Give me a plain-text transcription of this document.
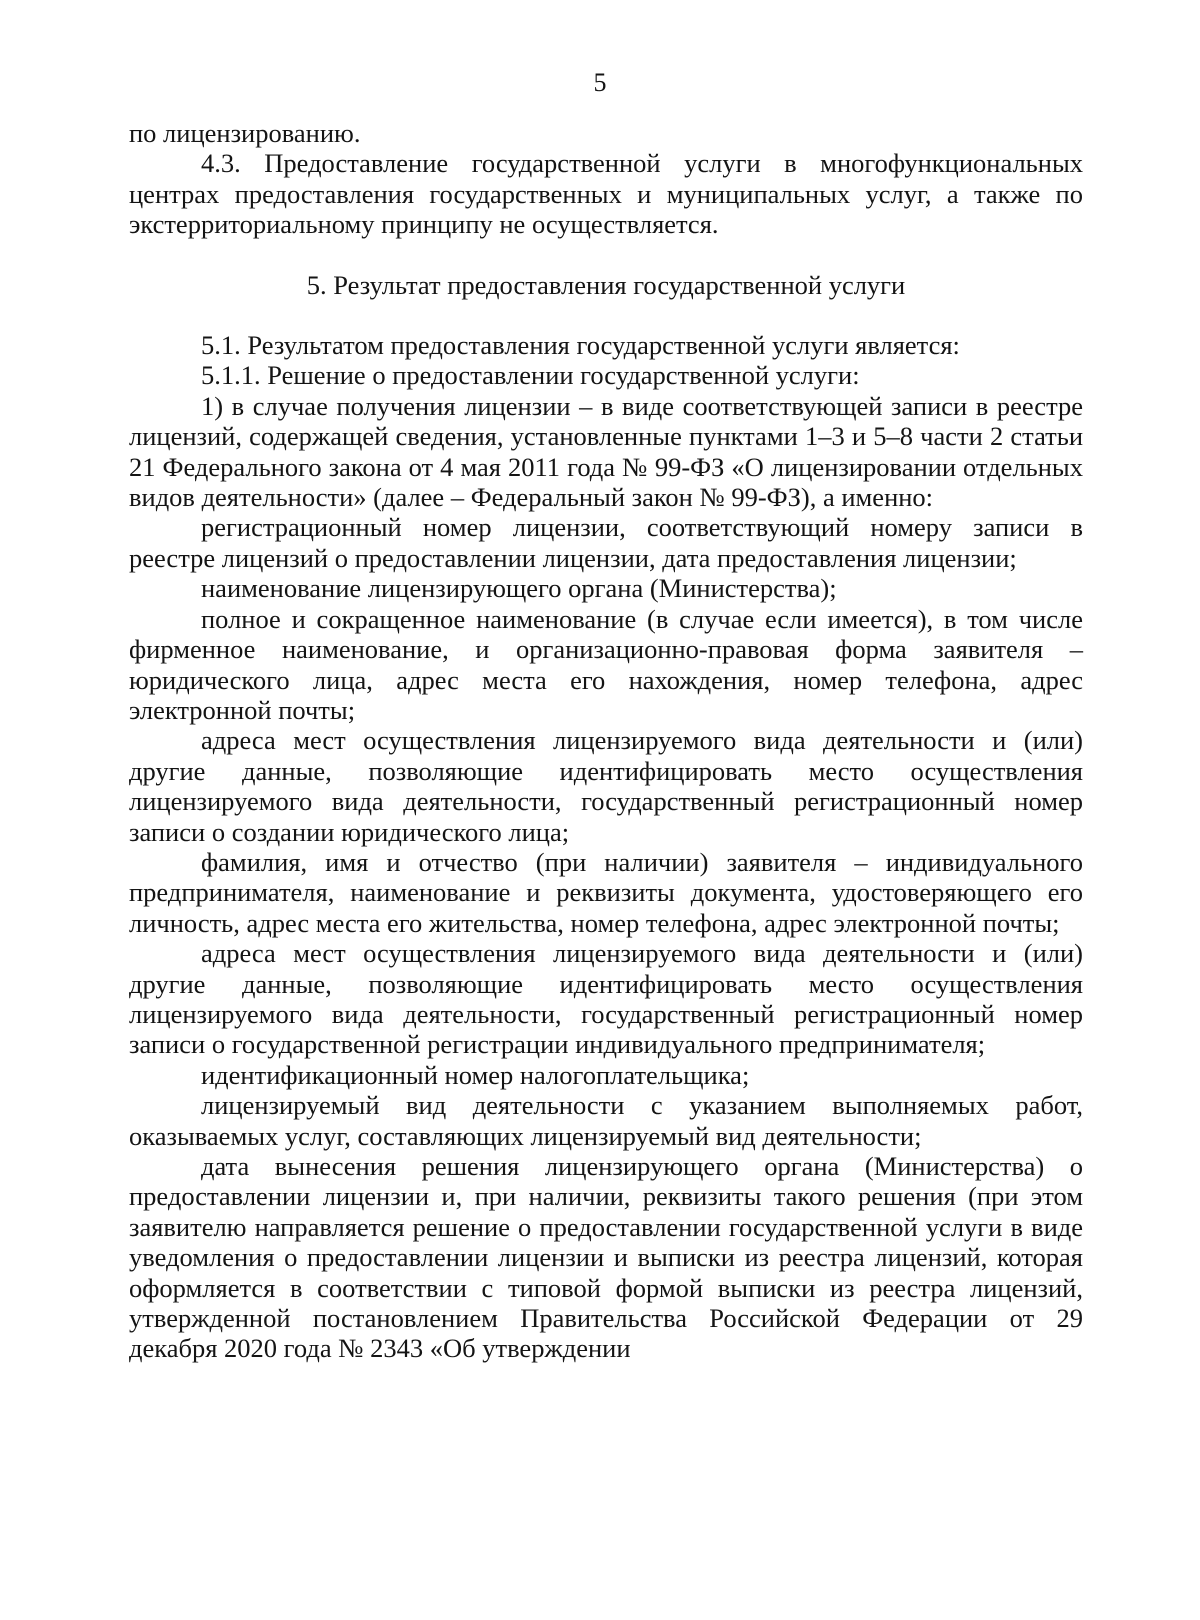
5

по лицензированию.

4.3. Предоставление государственной услуги в многофункциональных центрах предоставления государственных и муниципальных услуг, а также по экстерриториальному принципу не осуществляется.

5. Результат предоставления государственной услуги

5.1. Результатом предоставления государственной услуги является:

5.1.1. Решение о предоставлении государственной услуги:

1) в случае получения лицензии – в виде соответствующей записи в реестре лицензий, содержащей сведения, установленные пунктами 1–3 и 5–8 части 2 статьи 21 Федерального закона от 4 мая 2011 года № 99-ФЗ «О лицензировании отдельных видов деятельности» (далее – Федеральный закон № 99-ФЗ), а именно:

регистрационный номер лицензии, соответствующий номеру записи в реестре лицензий о предоставлении лицензии, дата предоставления лицензии;

наименование лицензирующего органа (Министерства);

полное и сокращенное наименование (в случае если имеется), в том числе фирменное наименование, и организационно-правовая форма заявителя – юридического лица, адрес места его нахождения, номер телефона, адрес электронной почты;

адреса мест осуществления лицензируемого вида деятельности и (или) другие данные, позволяющие идентифицировать место осуществления лицензируемого вида деятельности, государственный регистрационный номер записи о создании юридического лица;

фамилия, имя и отчество (при наличии) заявителя – индивидуального предпринимателя, наименование и реквизиты документа, удостоверяющего его личность, адрес места его жительства, номер телефона, адрес электронной почты;

адреса мест осуществления лицензируемого вида деятельности и (или) другие данные, позволяющие идентифицировать место осуществления лицензируемого вида деятельности, государственный регистрационный номер записи о государственной регистрации индивидуального предпринимателя;

идентификационный номер налогоплательщика;

лицензируемый вид деятельности с указанием выполняемых работ, оказываемых услуг, составляющих лицензируемый вид деятельности;

дата вынесения решения лицензирующего органа (Министерства) о предоставлении лицензии и, при наличии, реквизиты такого решения (при этом заявителю направляется решение о предоставлении государственной услуги в виде уведомления о предоставлении лицензии и выписки из реестра лицензий, которая оформляется в соответствии с типовой формой выписки из реестра лицензий, утвержденной постановлением Правительства Российской Федерации от 29 декабря 2020 года № 2343 «Об утверждении
